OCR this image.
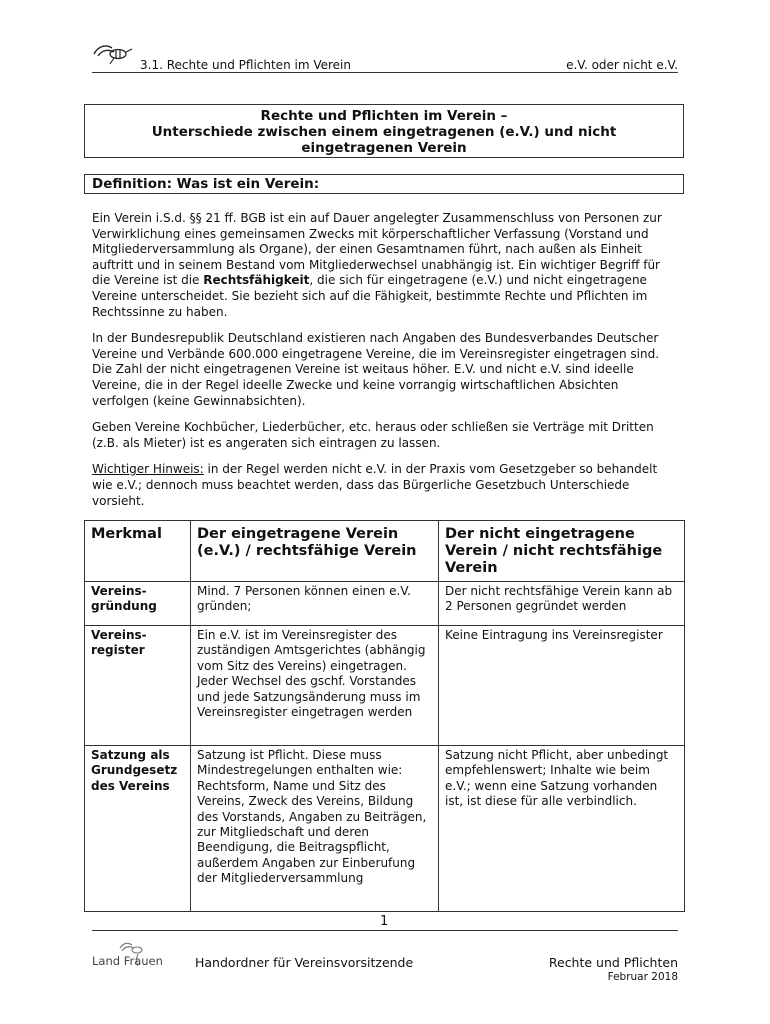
3.1. Rechte und Pflichten im Verein	e.V. oder nicht e.V.
Rechte und Pflichten im Verein –
Unterschiede zwischen einem eingetragenen (e.V.) und nicht
eingetragenen Verein
Definition: Was ist ein Verein:

Ein Verein i.S.d. §§ 21 ff. BGB ist ein auf Dauer angelegter Zusammenschluss von Personen zur Verwirklichung eines gemeinsamen Zwecks mit körperschaftlicher Verfassung (Vorstand und Mitgliederversammlung als Organe), der einen Gesamtnamen führt, nach außen als Einheit auftritt und in seinem Bestand vom Mitgliederwechsel unabhängig ist. Ein wichtiger Begriff für die Vereine ist die Rechtsfähigkeit, die sich für eingetragene (e.V.) und nicht eingetragene Vereine unterscheidet. Sie bezieht sich auf die Fähigkeit, bestimmte Rechte und Pflichten im Rechtssinne zu haben.

In der Bundesrepublik Deutschland existieren nach Angaben des Bundesverbandes Deutscher Vereine und Verbände 600.000 eingetragene Vereine, die im Vereinsregister eingetragen sind. Die Zahl der nicht eingetragenen Vereine ist weitaus höher. E.V. und nicht e.V. sind ideelle Vereine, die in der Regel ideelle Zwecke und keine vorrangig wirtschaftlichen Absichten verfolgen (keine Gewinnabsichten).

Geben Vereine Kochbücher, Liederbücher, etc. heraus oder schließen sie Verträge mit Dritten (z.B. als Mieter) ist es angeraten sich eintragen zu lassen.

Wichtiger Hinweis: in der Regel werden nicht e.V. in der Praxis vom Gesetzgeber so behandelt wie e.V.; dennoch muss beachtet werden, dass das Bürgerliche Gesetzbuch Unterschiede vorsieht.

Merkmal	Der eingetragene Verein (e.V.) / rechtsfähige Verein	Der nicht eingetragene Verein / nicht rechtsfähige Verein
Vereins-gründung	Mind. 7 Personen können einen e.V. gründen;	Der nicht rechtsfähige Verein kann ab 2 Personen gegründet werden
Vereins-register	Ein e.V. ist im Vereinsregister des zuständigen Amtsgerichtes (abhängig vom Sitz des Vereins) eingetragen. Jeder Wechsel des gschf. Vorstandes und jede Satzungsänderung muss im Vereinsregister eingetragen werden	Keine Eintragung ins Vereinsregister
Satzung als Grundgesetz des Vereins	Satzung ist Pflicht. Diese muss Mindestregelungen enthalten wie: Rechtsform, Name und Sitz des Vereins, Zweck des Vereins, Bildung des Vorstands, Angaben zu Beiträgen, zur Mitgliedschaft und deren Beendigung, die Beitragspflicht, außerdem Angaben zur Einberufung der Mitgliederversammlung	Satzung nicht Pflicht, aber unbedingt empfehlenswert; Inhalte wie beim e.V.; wenn eine Satzung vorhanden ist, ist diese für alle verbindlich.
1
Land Frauen	Handordner für Vereinsvorsitzende	Rechte und Pflichten
Februar 2018
